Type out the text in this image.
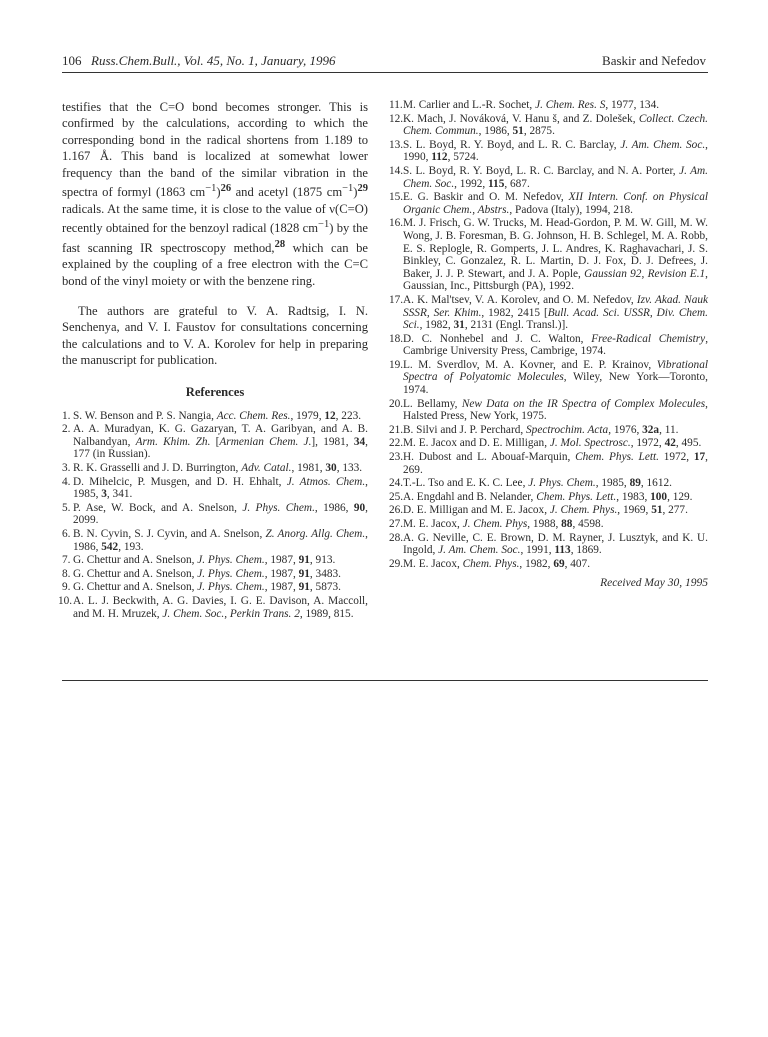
106 Russ.Chem.Bull., Vol. 45, No. 1, January, 1996	Baskir and Nefedov

testifies that the C=O bond becomes stronger. This is confirmed by the calculations, according to which the corresponding bond in the radical shortens from 1.189 to 1.167 Å. This band is localized at somewhat lower frequency than the band of the similar vibration in the spectra of formyl (1863 $cm^{-1})^{26}$ and acetyl (1875 $cm^{-1})^{29}$ radicals. At the same time, it is close to the value of ν(C=O) recently obtained for the benzoyl radical (1828 $cm^{-1}$) by the fast scanning IR spectroscopy method,$^{28}$ which can be explained by the coupling of a free electron with the C=C bond of the vinyl moiety or with the benzene ring.

The authors are grateful to V. A. Radtsig, I. N. Senchenya, and V. I. Faustov for consultations concerning the calculations and to V. A. Korolev for help in preparing the manuscript for publication.

References
1. S. W. Benson and P. S. Nangia, Acc. Chem. Res., 1979, 12, 223.
2. A. A. Muradyan, K. G. Gazaryan, T. A. Garibyan, and A. B. Nalbandyan, Arm. Khim. Zh. [Armenian Chem. J.], 1981, 34, 177 (in Russian).
3. R. K. Grasselli and J. D. Burrington, Adv. Catal., 1981, 30, 133.
4. D. Mihelcic, P. Musgen, and D. H. Ehhalt, J. Atmos. Chem., 1985, 3, 341.
5. P. Ase, W. Bock, and A. Snelson, J. Phys. Chem., 1986, 90, 2099.
6. B. N. Cyvin, S. J. Cyvin, and A. Snelson, Z. Anorg. Allg. Chem., 1986, 542, 193.
7. G. Chettur and A. Snelson, J. Phys. Chem., 1987, 91, 913.
8. G. Chettur and A. Snelson, J. Phys. Chem., 1987, 91, 3483.
9. G. Chettur and A. Snelson, J. Phys. Chem., 1987, 91, 5873.
10. A. L. J. Beckwith, A. G. Davies, I. G. E. Davison, A. Maccoll, and M. H. Mruzek, J. Chem. Soc., Perkin Trans. 2, 1989, 815.
11. M. Carlier and L.-R. Sochet, J. Chem. Res. S, 1977, 134.
12. K. Mach, J. Nováková, V. Hanu š, and Z. Dolešek, Collect. Czech. Chem. Commun., 1986, 51, 2875.
13. S. L. Boyd, R. Y. Boyd, and L. R. C. Barclay, J. Am. Chem. Soc., 1990, 112, 5724.
14. S. L. Boyd, R. Y. Boyd, L. R. C. Barclay, and N. A. Porter, J. Am. Chem. Soc., 1992, 115, 687.
15. E. G. Baskir and O. M. Nefedov, XII Intern. Conf. on Physical Organic Chem., Abstrs., Padova (Italy), 1994, 218.
16. M. J. Frisch, G. W. Trucks, M. Head-Gordon, P. M. W. Gill, M. W. Wong, J. B. Foresman, B. G. Johnson, H. B. Schlegel, M. A. Robb, E. S. Replogle, R. Gomperts, J. L. Andres, K. Raghavachari, J. S. Binkley, C. Gonzalez, R. L. Martin, D. J. Fox, D. J. Defrees, J. Baker, J. J. P. Stewart, and J. A. Pople, Gaussian 92, Revision E.1, Gaussian, Inc., Pittsburgh (PA), 1992.
17. A. K. Mal'tsev, V. A. Korolev, and O. M. Nefedov, Izv. Akad. Nauk SSSR, Ser. Khim., 1982, 2415 [Bull. Acad. Sci. USSR, Div. Chem. Sci., 1982, 31, 2131 (Engl. Transl.)].
18. D. C. Nonhebel and J. C. Walton, Free-Radical Chemistry, Cambrige University Press, Cambrige, 1974.
19. L. M. Sverdlov, M. A. Kovner, and E. P. Krainov, Vibrational Spectra of Polyatomic Molecules, Wiley, New York—Toronto, 1974.
20. L. Bellamy, New Data on the IR Spectra of Complex Molecules, Halsted Press, New York, 1975.
21. B. Silvi and J. P. Perchard, Spectrochim. Acta, 1976, 32a, 11.
22. M. E. Jacox and D. E. Milligan, J. Mol. Spectrosc., 1972, 42, 495.
23. H. Dubost and L. Abouaf-Marquin, Chem. Phys. Lett. 1972, 17, 269.
24. T.-L. Tso and E. K. C. Lee, J. Phys. Chem., 1985, 89, 1612.
25. A. Engdahl and B. Nelander, Chem. Phys. Lett., 1983, 100, 129.
26. D. E. Milligan and M. E. Jacox, J. Chem. Phys., 1969, 51, 277.
27. M. E. Jacox, J. Chem. Phys, 1988, 88, 4598.
28. A. G. Neville, C. E. Brown, D. M. Rayner, J. Lusztyk, and K. U. Ingold, J. Am. Chem. Soc., 1991, 113, 1869.
29. M. E. Jacox, Chem. Phys., 1982, 69, 407.
Received May 30, 1995
